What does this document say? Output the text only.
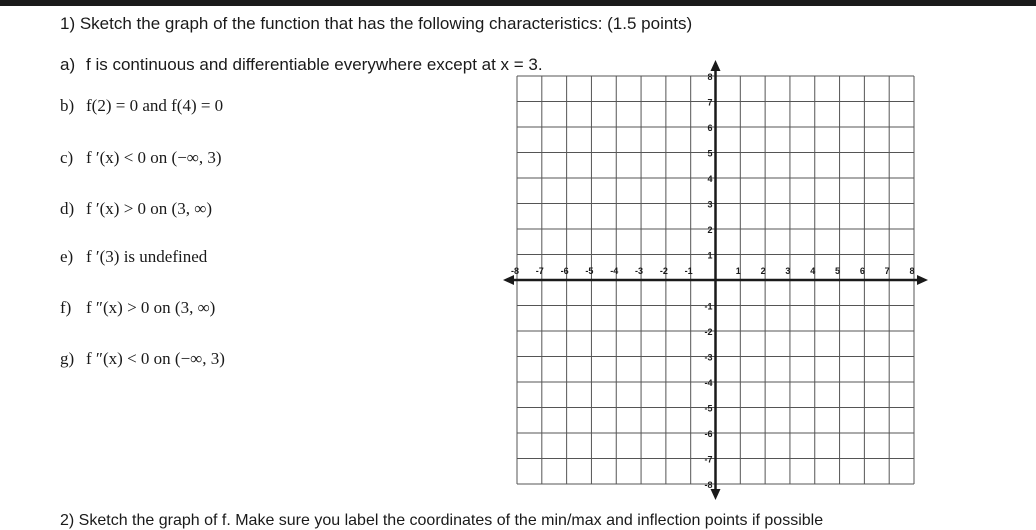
1) Sketch the graph of the function that has the following characteristics: (1.5 points)
a) f is continuous and differentiable everywhere except at x = 3.
b) f(2) = 0 and f(4) = 0
c) f ′(x) < 0 on (−∞, 3)
d) f ′(x) > 0 on (3, ∞)
e) f ′(3) is undefined
f) f ″(x) > 0 on (3, ∞)
g) f ″(x) < 0 on (−∞, 3)
-8 -7 -6 -5 -4 -3 -2 -1	1 2 3 4 5 6 7 8
8
7
6
5
4
3
2
1
-1
-2
-3
-4
-5
-6
-7
-8
2) Sketch the graph of f. Make sure you label the coordinates of the min/max and inflection points if possible
